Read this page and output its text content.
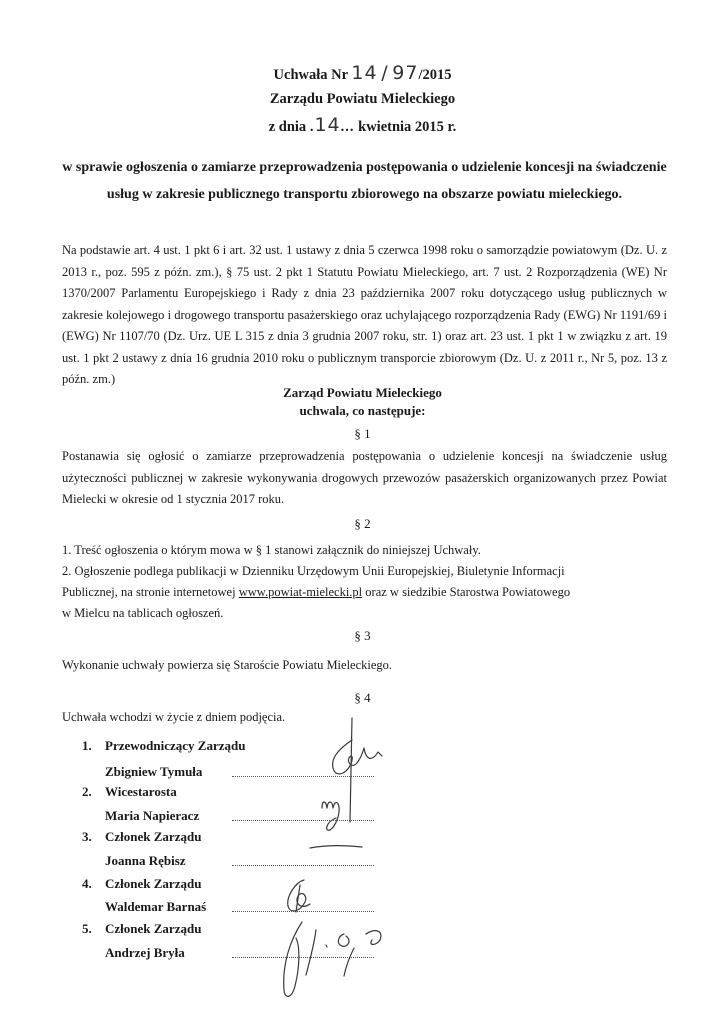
Uchwała Nr 14 / 97/2015
Zarządu Powiatu Mieleckiego
z dnia .14... kwietnia 2015 r.
w sprawie ogłoszenia o zamiarze przeprowadzenia postępowania o udzielenie koncesji na świadczenie usług w zakresie publicznego transportu zbiorowego na obszarze powiatu mieleckiego.
Na podstawie art. 4 ust. 1 pkt 6 i art. 32 ust. 1 ustawy z dnia 5 czerwca 1998 roku o samorządzie powiatowym (Dz. U. z 2013 r., poz. 595 z późn. zm.), § 75 ust. 2 pkt 1 Statutu Powiatu Mieleckiego, art. 7 ust. 2 Rozporządzenia (WE) Nr 1370/2007 Parlamentu Europejskiego i Rady z dnia 23 października 2007 roku dotyczącego usług publicznych w zakresie kolejowego i drogowego transportu pasażerskiego oraz uchylającego rozporządzenia Rady (EWG) Nr 1191/69 i (EWG) Nr 1107/70 (Dz. Urz. UE L 315 z dnia 3 grudnia 2007 roku, str. 1) oraz art. 23 ust. 1 pkt 1 w związku z art. 19 ust. 1 pkt 2 ustawy z dnia 16 grudnia 2010 roku o publicznym transporcie zbiorowym (Dz. U. z 2011 r., Nr 5, poz. 13 z późn. zm.)
Zarząd Powiatu Mieleckiego
uchwala, co następuje:
§ 1
Postanawia się ogłosić o zamiarze przeprowadzenia postępowania o udzielenie koncesji na świadczenie usług użyteczności publicznej w zakresie wykonywania drogowych przewozów pasażerskich organizowanych przez Powiat Mielecki w okresie od 1 stycznia 2017 roku.
§ 2
1. Treść ogłoszenia o którym mowa w § 1 stanowi załącznik do niniejszej Uchwały.
2. Ogłoszenie podlega publikacji w Dzienniku Urzędowym Unii Europejskiej, Biuletynie Informacji
Publicznej, na stronie internetowej www.powiat-mielecki.pl oraz w siedzibie Starostwa Powiatowego
w Mielcu na tablicach ogłoszeń.
§ 3
Wykonanie uchwały powierza się Staroście Powiatu Mieleckiego.
§ 4
Uchwała wchodzi w życie z dniem podjęcia.
1. Przewodniczący Zarządu
Zbigniew Tymuła
2. Wicestarosta
Maria Napieracz
3. Członek Zarządu
Joanna Rębisz
4. Członek Zarządu
Waldemar Barnaś
5. Członek Zarządu
Andrzej Bryła
